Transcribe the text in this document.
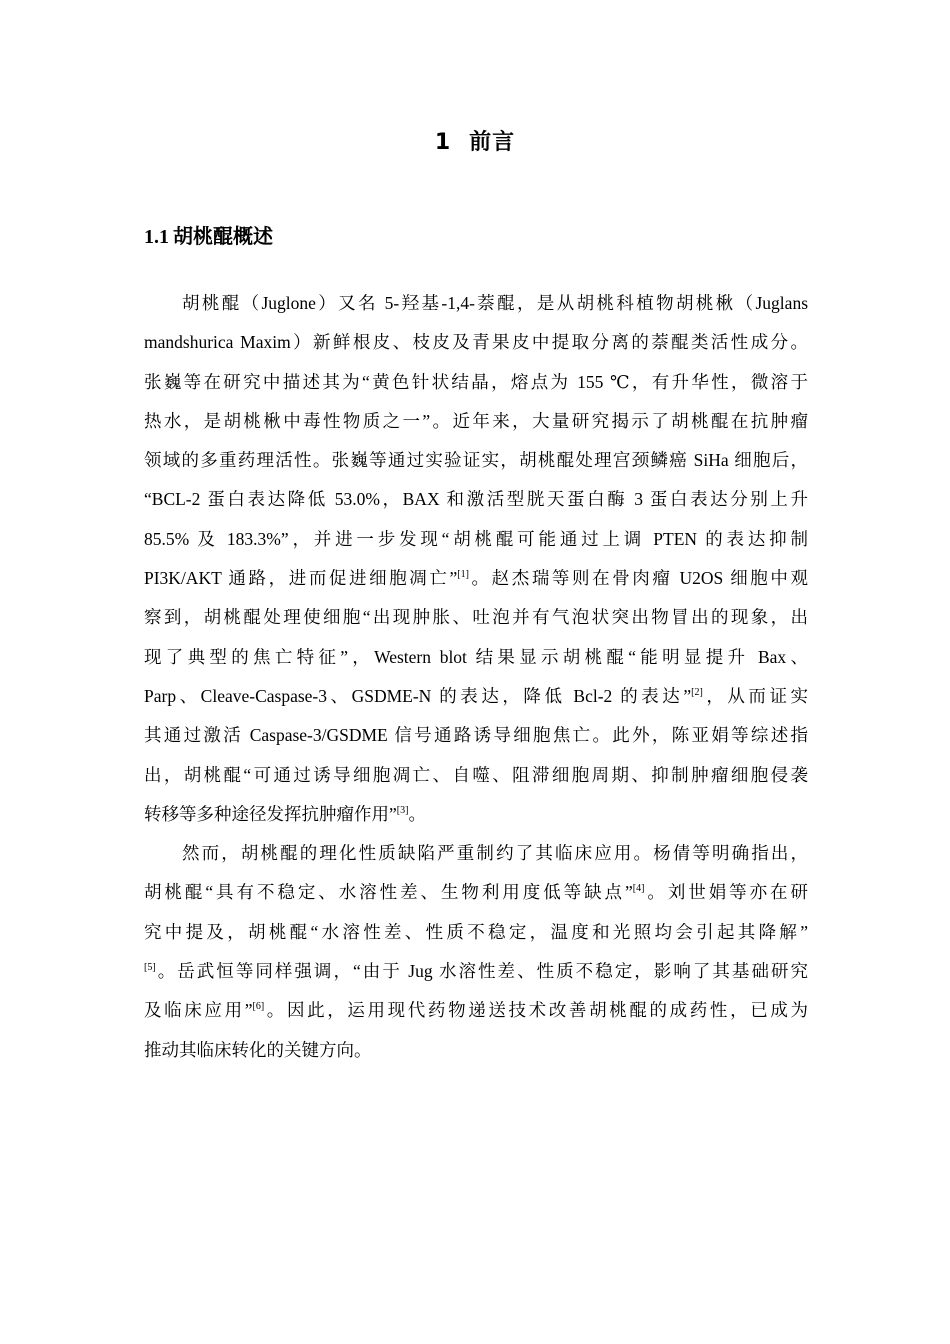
1 前言
1.1 胡桃醌概述
胡桃醌（Juglone）又名 5-羟基-1,4-萘醌，是从胡桃科植物胡桃楸（Juglans
mandshurica Maxim）新鲜根皮、枝皮及青果皮中提取分离的萘醌类活性成分。
张巍等在研究中描述其为“黄色针状结晶，熔点为 155 ℃，有升华性，微溶于
热水，是胡桃楸中毒性物质之一”。近年来，大量研究揭示了胡桃醌在抗肿瘤
领域的多重药理活性。张巍等通过实验证实，胡桃醌处理宫颈鳞癌 SiHa 细胞后，
“BCL-2 蛋白表达降低 53.0%，BAX 和激活型胱天蛋白酶 3 蛋白表达分别上升
85.5% 及 183.3%”，并进一步发现“胡桃醌可能通过上调 PTEN 的表达抑制
PI3K/AKT 通路，进而促进细胞凋亡”[1]。赵杰瑞等则在骨肉瘤 U2OS 细胞中观
察到，胡桃醌处理使细胞“出现肿胀、吐泡并有气泡状突出物冒出的现象，出
现了典型的焦亡特征”，Western blot 结果显示胡桃醌“能明显提升 Bax、
Parp、Cleave-Caspase-3、GSDME-N 的表达，降低 Bcl-2 的表达”[2]，从而证实
其通过激活 Caspase-3/GSDME 信号通路诱导细胞焦亡。此外，陈亚娟等综述指
出，胡桃醌“可通过诱导细胞凋亡、自噬、阻滞细胞周期、抑制肿瘤细胞侵袭
转移等多种途径发挥抗肿瘤作用”[3]。
然而，胡桃醌的理化性质缺陷严重制约了其临床应用。杨倩等明确指出，
胡桃醌“具有不稳定、水溶性差、生物利用度低等缺点”[4]。刘世娟等亦在研
究中提及，胡桃醌“水溶性差、性质不稳定，温度和光照均会引起其降解”
[5]。岳武恒等同样强调，“由于 Jug 水溶性差、性质不稳定，影响了其基础研究
及临床应用”[6]。因此，运用现代药物递送技术改善胡桃醌的成药性，已成为
推动其临床转化的关键方向。
